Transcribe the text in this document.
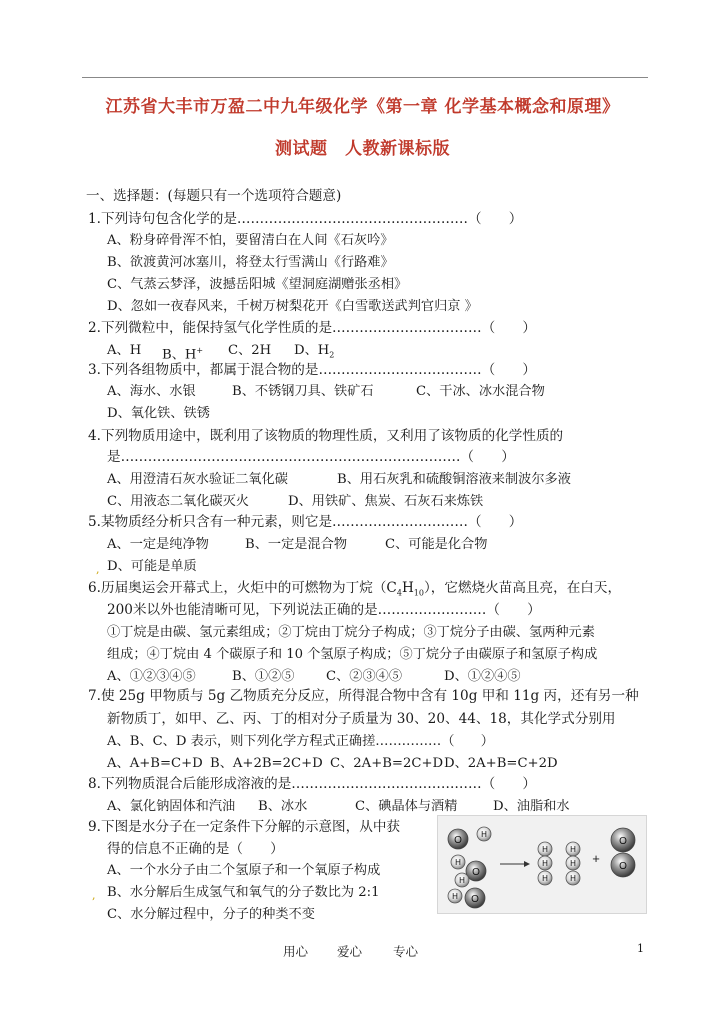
江苏省大丰市万盈二中九年级化学《第一章 化学基本概念和原理》
测试题　人教新课标版
一、选择题：(每题只有一个选项符合题意)
1.下列诗句包含化学的是……………………………………………（　　）
A、粉身碎骨浑不怕，要留清白在人间《石灰吟》
B、欲渡黄河冰塞川，将登太行雪满山《行路难》
C、气蒸云梦泽，波撼岳阳城《望洞庭湖赠张丞相》
D、忽如一夜春风来，千树万树梨花开《白雪歌送武判官归京 》
2.下列微粒中，能保持氢气化学性质的是……………………………（　　）
A、H B、H+ C、2H D、$H_2$
3.下列各组物质中，都属于混合物的是………………………………（　　）
A、海水、水银	B、不锈钢刀具、铁矿石	C、干冰、冰水混合物
D、氧化铁、铁锈
4.下列物质用途中，既利用了该物质的物理性质，又利用了该物质的化学性质的
是…………………………………………………………………（　　）
A、用澄清石灰水验证二氧化碳	B、用石灰乳和硫酸铜溶液来制波尔多液
C、用液态二氧化碳灭火	D、用铁矿、焦炭、石灰石来炼铁
5.某物质经分析只含有一种元素，则它是…………………………（　　）
A、一定是纯净物	B、一定是混合物	C、可能是化合物
, D、可能是单质
6.历届奥运会开幕式上，火炬中的可燃物为丁烷$(C_4H_{10})$，它燃烧火苗高且亮，在白天，
200米以外也能清晰可见，下列说法正确的是……………………（　　）
①丁烷是由碳、氢元素组成；②丁烷由丁烷分子构成；③丁烷分子由碳、氢两种元素
组成；④丁烷由 4 个碳原子和 10 个氢原子构成；⑤丁烷分子由碳原子和氢原子构成
A、①②③④⑤	B、①②⑤ C、②③④⑤	D、①②④⑤
7.使 25g 甲物质与 5g 乙物质充分反应，所得混合物中含有 10g 甲和 11g 丙，还有另一种
新物质丁，如甲、乙、丙、丁的相对分子质量为 30、20、44、18，其化学式分别用
A、B、C、D 表示，则下列化学方程式正确搓……………（　　）
A、A+B=C+D B、A+2B=2C+D C、2A+B=2C+D D、2A+B=C+2D
8.下列物质混合后能形成溶液的是……………………………………（　　）
A、氯化钠固体和汽油 B、冰水	C、碘晶体与酒精	D、油脂和水
9.下图是水分子在一定条件下分解的示意图，从中获
得的信息不正确的是（　　）
A、一个水分子由二个氢原子和一个氧原子构成
, B、水分解后生成氢气和氧气的分子数比为 2:1
C、水分解过程中，分子的种类不变
O
H
H
O
H
H O
H
H
H
H
H	H
+
O
O
用心 爱心 专心	1
